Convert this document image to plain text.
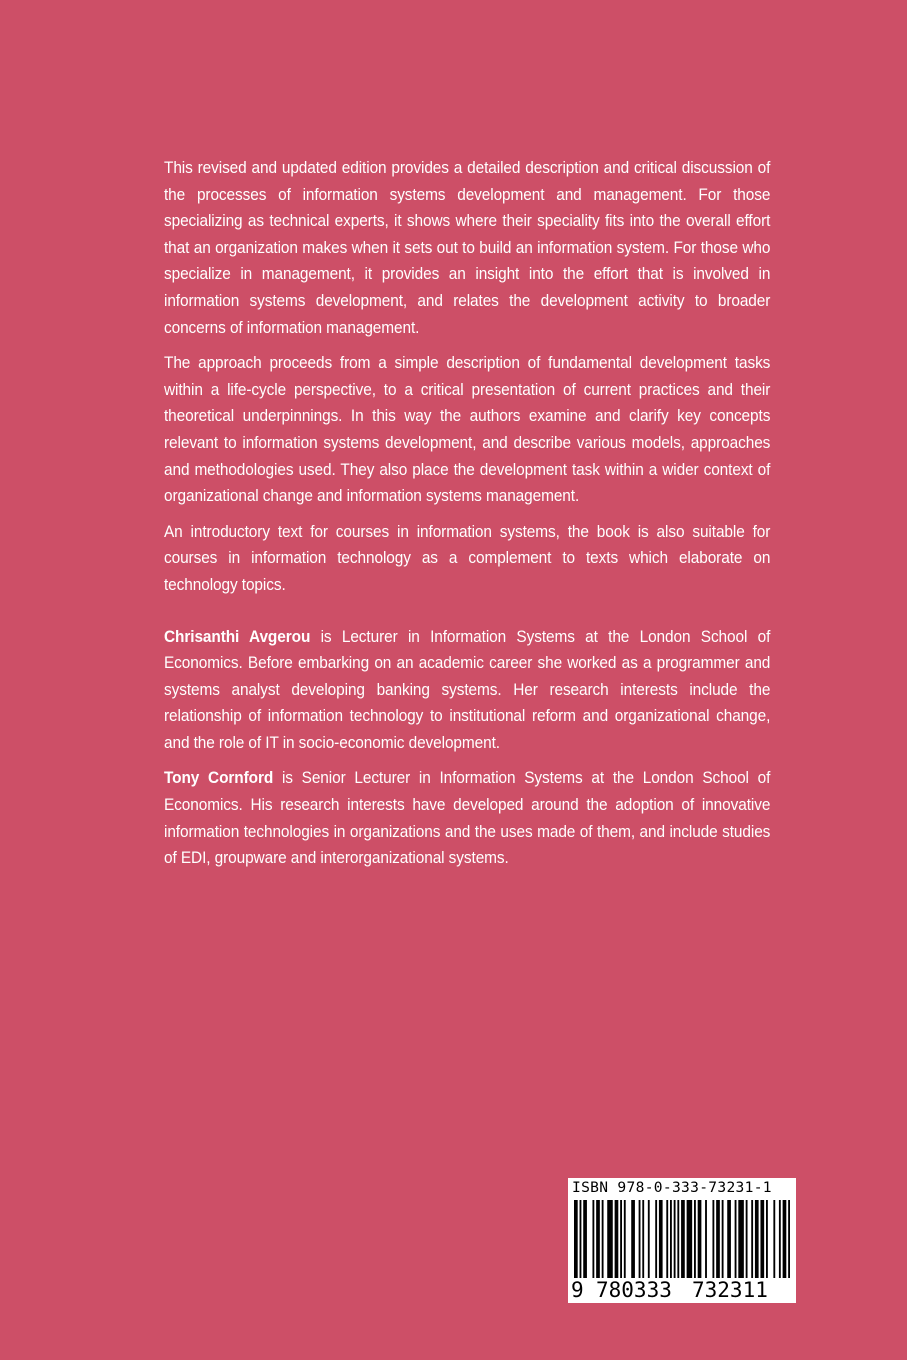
This revised and updated edition provides a detailed description and critical discussion of the processes of information systems development and management. For those specializing as technical experts, it shows where their speciality fits into the overall effort that an organization makes when it sets out to build an information system. For those who specialize in management, it provides an insight into the effort that is involved in information systems development, and relates the development activity to broader concerns of information management.

The approach proceeds from a simple description of fundamental development tasks within a life-cycle perspective, to a critical presentation of current practices and their theoretical underpinnings. In this way the authors examine and clarify key concepts relevant to information systems development, and describe various models, approaches and methodologies used. They also place the development task within a wider context of organizational change and information systems management.

An introductory text for courses in information systems, the book is also suitable for courses in information technology as a complement to texts which elaborate on technology topics.

Chrisanthi Avgerou is Lecturer in Information Systems at the London School of Economics. Before embarking on an academic career she worked as a programmer and systems analyst developing banking systems. Her research interests include the relationship of information technology to institutional reform and organizational change, and the role of IT in socio-economic development.

Tony Cornford is Senior Lecturer in Information Systems at the London School of Economics. His research interests have developed around the adoption of innovative information technologies in organizations and the uses made of them, and include studies of EDI, groupware and interorganizational systems.

ISBN 978-0-333-73231-1
9 780333 732311
